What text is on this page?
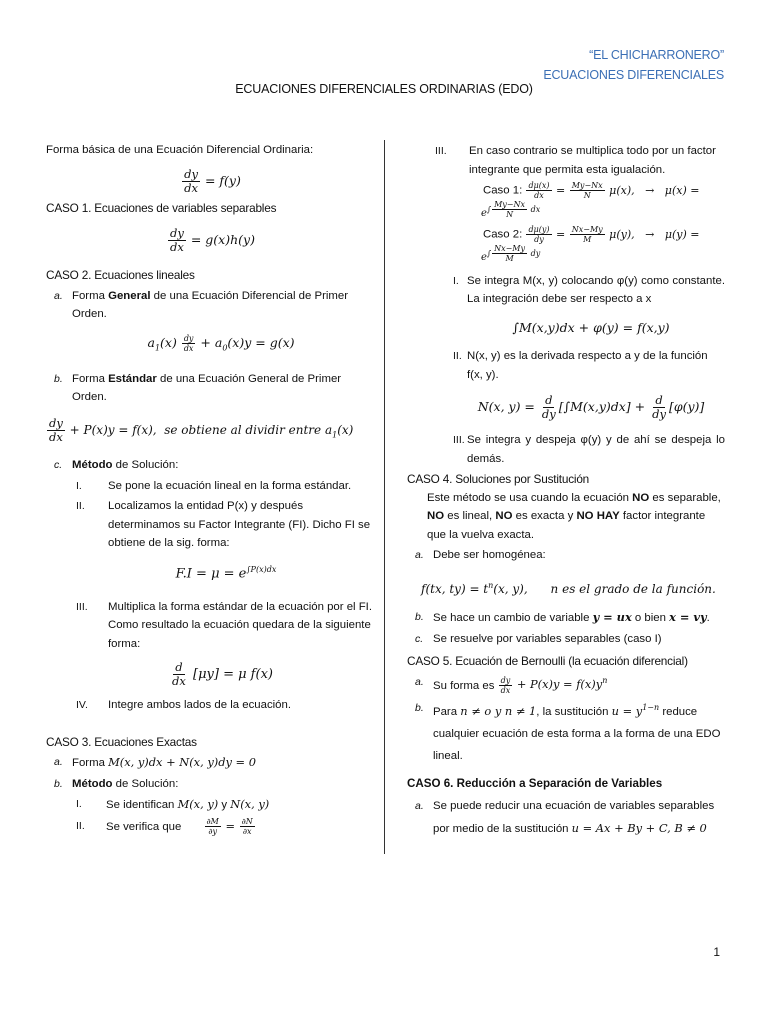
“EL CHICHARRONERO”
ECUACIONES DIFERENCIALES
ECUACIONES DIFERENCIALES ORDINARIAS (EDO)
Forma básica de una Ecuación Diferencial Ordinaria:
$\frac{dy}{dx} = f(y)$
CASO 1. Ecuaciones de variables separables
$\frac{dy}{dx} = g(x)h(y)$
CASO 2. Ecuaciones lineales
a. Forma General de una Ecuación Diferencial de Primer Orden.
$a_1(x) \frac{dy}{dx} + a_0(x)y = g(x)$
b. Forma Estándar de una Ecuación General de Primer Orden.
$\frac{dy}{dx} + P(x)y = f(x)$,  se obtiene al dividir entre $a_1(x)$
c. Método de Solución:
I.	Se pone la ecuación lineal en la forma estándar.
II.	Localizamos la entidad P(x) y después determinamos su Factor Integrante (FI). Dicho FI se obtiene de la sig. forma:
$F.I = \mu = e^{\int P(x)dx}$
III.	Multiplica la forma estándar de la ecuación por el FI. Como resultado la ecuación quedara de la siguiente forma:
$\frac{d}{dx} [\mu y] = \mu$ f(x)
IV.	Integre ambos lados de la ecuación.
CASO 3. Ecuaciones Exactas
a. Forma M(x, y)dx + N(x, y)dy = 0
b. Método de Solución:
I.	Se identifican M(x, y) y N(x, y)
II.	Se verifica que	$\frac{\partial M}{\partial y} = \frac{\partial N}{\partial x}$
III.	En caso contrario se multiplica todo por un factor integrante que permita esta igualación.
Caso 1: $\frac{d\mu(x)}{dx} = \frac{My-Nx}{N} \mu(x)$,   →   μ(x) =
$e^{\int \frac{My-Nx}{N} dx}$
Caso 2: $\frac{d\mu(y)}{dy} = \frac{Nx-My}{M} \mu(y)$,   →   μ(y) =
$e^{\int \frac{Nx-My}{M} dy}$
I. Se integra M(x, y) colocando φ(y) como constante. La integración debe ser respecto a x
∫M(x,y)dx + φ(y) = f(x,y)
II. N(x, y) es la derivada respecto a y de la función f(x, y).
N(x, $y) = \frac{d}{dy} [\int M(x,y)dx] + \frac{d}{dy} [\varphi(y)]$
III. Se integra y despeja φ(y) y de ahí se despeja lo demás.
CASO 4. Soluciones por Sustitución
Este método se usa cuando la ecuación NO es separable, NO es lineal, NO es exacta y NO HAY factor integrante que la vuelva exacta.
a. Debe ser homogénea:
f(tx, $ty) = t^n(x$, y),      n es el grado de la función.
b. Se hace un cambio de variable y = ux o bien x = vy.
c. Se resuelve por variables separables (caso I)
CASO 5. Ecuación de Bernoulli (la ecuación diferencial)
a. Su forma es $\frac{dy}{dx} + P(x)y = f(x)y^n$
b. Para n ≠ o y n ≠ 1, la sustitución $u = y^{1-n}$ reduce cualquier ecuación de esta forma a la forma de una EDO lineal.
CASO 6. Reducción a Separación de Variables
a. Se puede reducir una ecuación de variables separables por medio de la sustitución u = Ax + By + C, B ≠ 0
1
